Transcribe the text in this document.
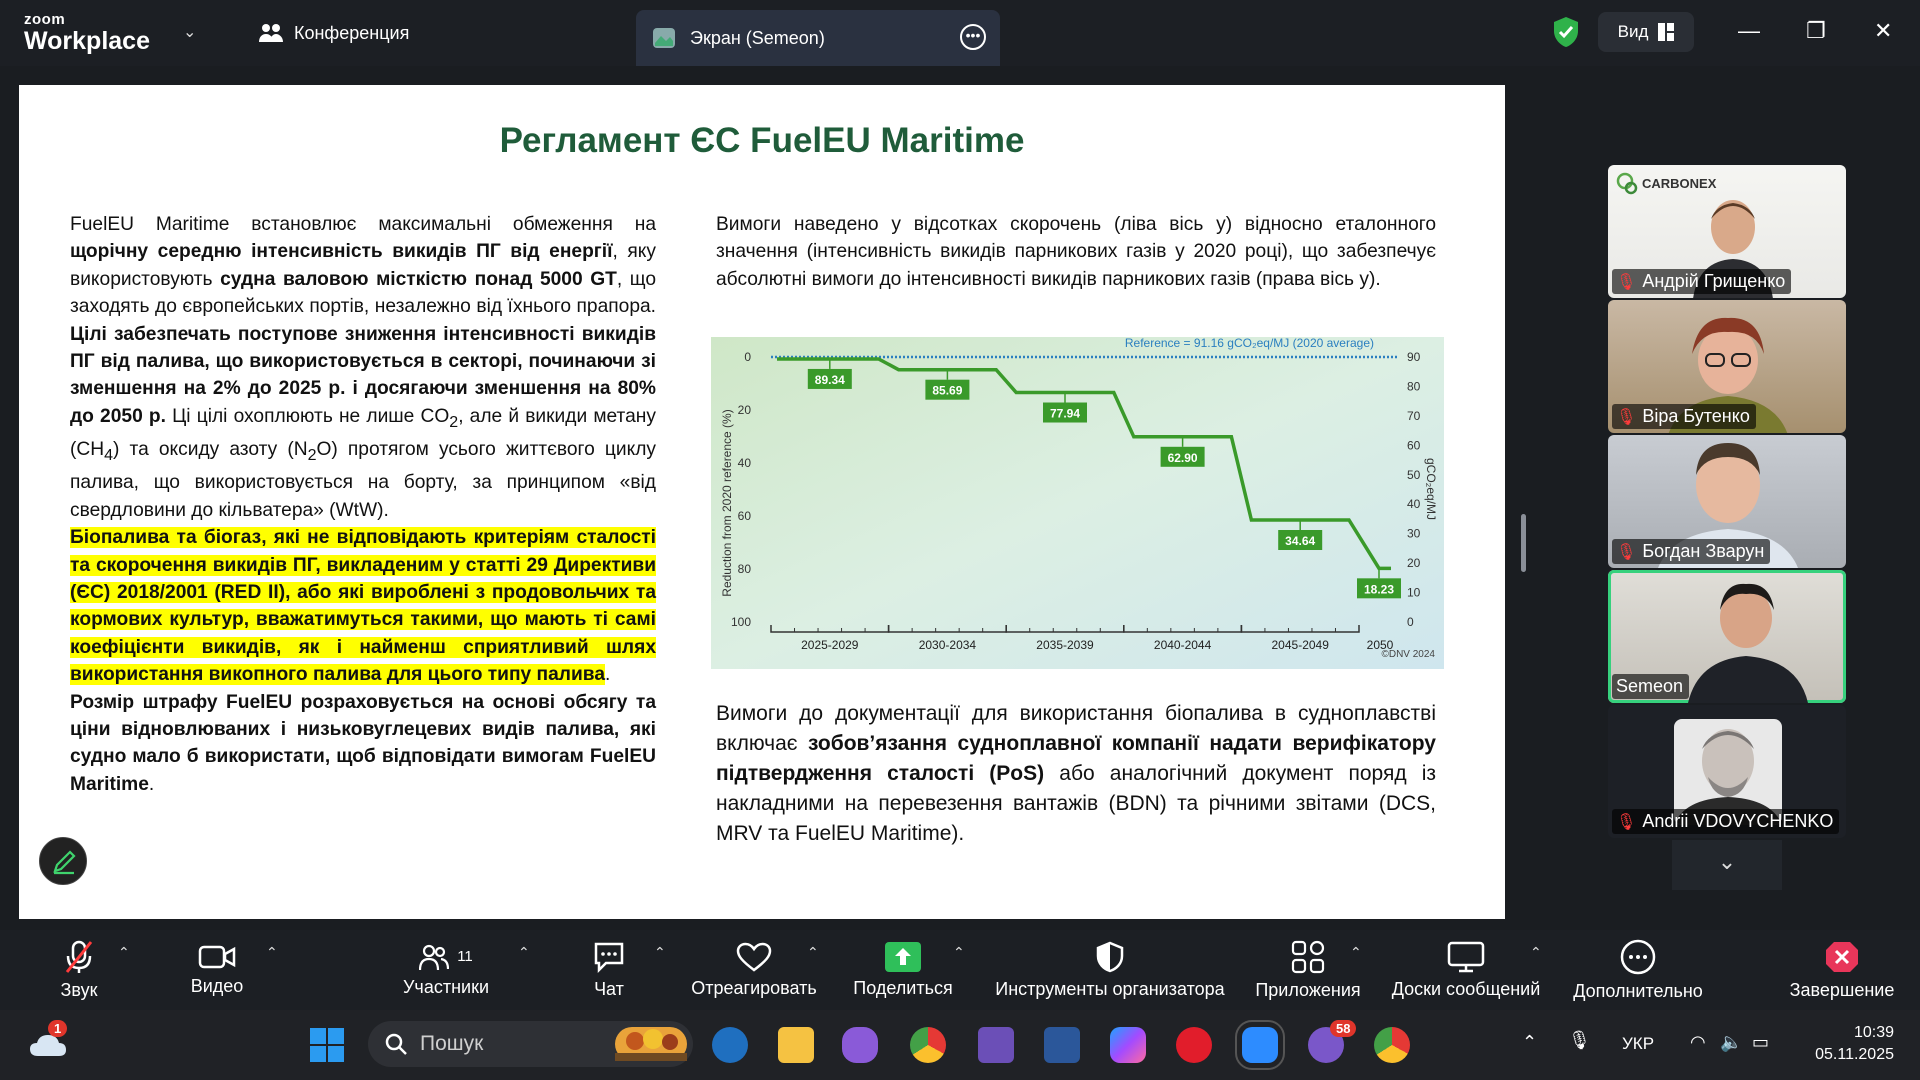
zoom
Workplace ⌄	Конференция	Экран (Semeon)	•••	Вид	— ❐ ✕
Регламент ЄС FuelEU Maritime
FuelEU Maritime встановлює максимальні обмеження на щорічну середню інтенсивність викидів ПГ від енергії, яку використовують судна валовою місткістю понад 5000 GT, що заходять до європейських портів, незалежно від їхнього прапора. Цілі забезпечать поступове зниження інтенсивності викидів ПГ від палива, що використовується в секторі, починаючи зі зменшення на 2% до 2025 р. і досягаючи зменшення на 80% до 2050 р. Ці цілі охоплюють не лише $CO_2$, але й викиди метану $(CH_4)$ та оксиду азоту $(N_2O)$ протягом усього життєвого циклу палива, що використовується на борту, за принципом «від свердловини до кільватера» (WtW).
Біопалива та біогаз, які не відповідають критеріям сталості та скорочення викидів ПГ, викладеним у статті 29 Директиви (ЄС) 2018/2001 (RED II), або які вироблені з продовольчих та кормових культур, вважатимуться такими, що мають ті самі коефіцієнти викидів, як і найменш сприятливий шлях використання викопного палива для цього типу палива.
Розмір штрафу FuelEU розраховується на основі обсягу та ціни відновлюваних і низьковуглецевих видів палива, які судно мало б використати, щоб відповідати вимогам FuelEU Maritime.
Вимоги наведено у відсотках скорочень (ліва вісь y) відносно еталонного значення (інтенсивність викидів парникових газів у 2020 році), що забезпечує абсолютні вимоги до інтенсивності викидів парникових газів (права вісь y).
Reference = 91.16 gCO₂eq/MJ (2020 average)
0
20
40
60
80
100
90
80
70
60
50
40
30
20
10
0
2025-2029	2030-2034	2035-2039	2040-2044	2045-2049	2050
89.34
85.69
77.94
62.90
34.64
18.23
Reduction from 2020 reference (%)	gCO₂eq/MJ
©DNV 2024
Вимоги до документації для використання біопалива в судноплавстві включає зобов’язання судноплавної компанії надати верифікатору підтвердження сталості (PoS) або аналогічний документ поряд із накладними на перевезення вантажів (BDN) та річними звітами (DCS, MRV та FuelEU Maritime).
CARBONEX
🎙 Андрій Грищенко
🎙 Віра Бутенко
🎙 Богдан Зварун
Semeon
🎙 Andrii VDOVYCHENKO
⌄
Звук
⌃
Видео
⌃	11
Участники
⌃
Чат
⌃
Отреагировать
⌃
Поделиться
⌃
Инструменты организатора Приложения
⌃
Доски сообщений
⌃
Дополнительно	Завершение
1
Пошук
58
⌃ 🎙 УКР ◠ 🔈 ▭	10:39
05.11.2025
